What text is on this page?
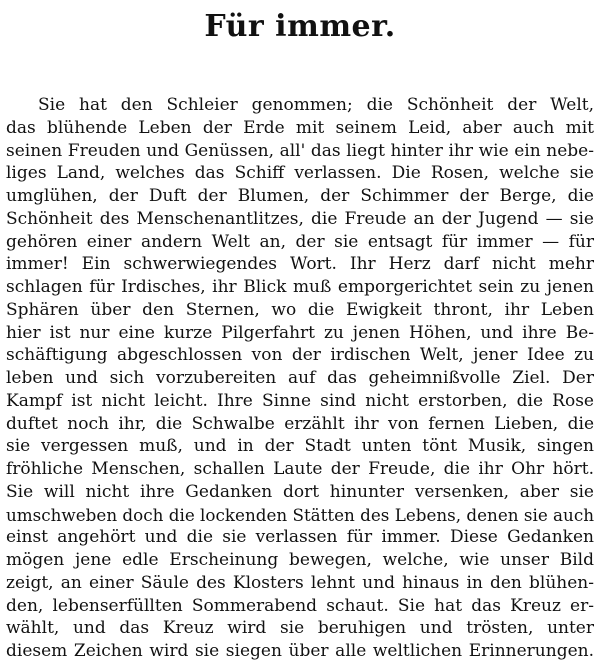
Für immer.
Sie hat den Schleier genommen; die Schönheit der Welt,
das blühende Leben der Erde mit seinem Leid, aber auch mit
seinen Freuden und Genüssen, all' das liegt hinter ihr wie ein nebe-
liges Land, welches das Schiff verlassen. Die Rosen, welche sie
umglühen, der Duft der Blumen, der Schimmer der Berge, die
Schönheit des Menschenantlitzes, die Freude an der Jugend — sie
gehören einer andern Welt an, der sie entsagt für immer — für
immer! Ein schwerwiegendes Wort. Ihr Herz darf nicht mehr
schlagen für Irdisches, ihr Blick muß emporgerichtet sein zu jenen
Sphären über den Sternen, wo die Ewigkeit thront, ihr Leben
hier ist nur eine kurze Pilgerfahrt zu jenen Höhen, und ihre Be-
schäftigung abgeschlossen von der irdischen Welt, jener Idee zu
leben und sich vorzubereiten auf das geheimnißvolle Ziel. Der
Kampf ist nicht leicht. Ihre Sinne sind nicht erstorben, die Rose
duftet noch ihr, die Schwalbe erzählt ihr von fernen Lieben, die
sie vergessen muß, und in der Stadt unten tönt Musik, singen
fröhliche Menschen, schallen Laute der Freude, die ihr Ohr hört.
Sie will nicht ihre Gedanken dort hinunter versenken, aber sie
umschweben doch die lockenden Stätten des Lebens, denen sie auch
einst angehört und die sie verlassen für immer. Diese Gedanken
mögen jene edle Erscheinung bewegen, welche, wie unser Bild
zeigt, an einer Säule des Klosters lehnt und hinaus in den blühen-
den, lebenserfüllten Sommerabend schaut. Sie hat das Kreuz er-
wählt, und das Kreuz wird sie beruhigen und trösten, unter
diesem Zeichen wird sie siegen über alle weltlichen Erinnerungen.
